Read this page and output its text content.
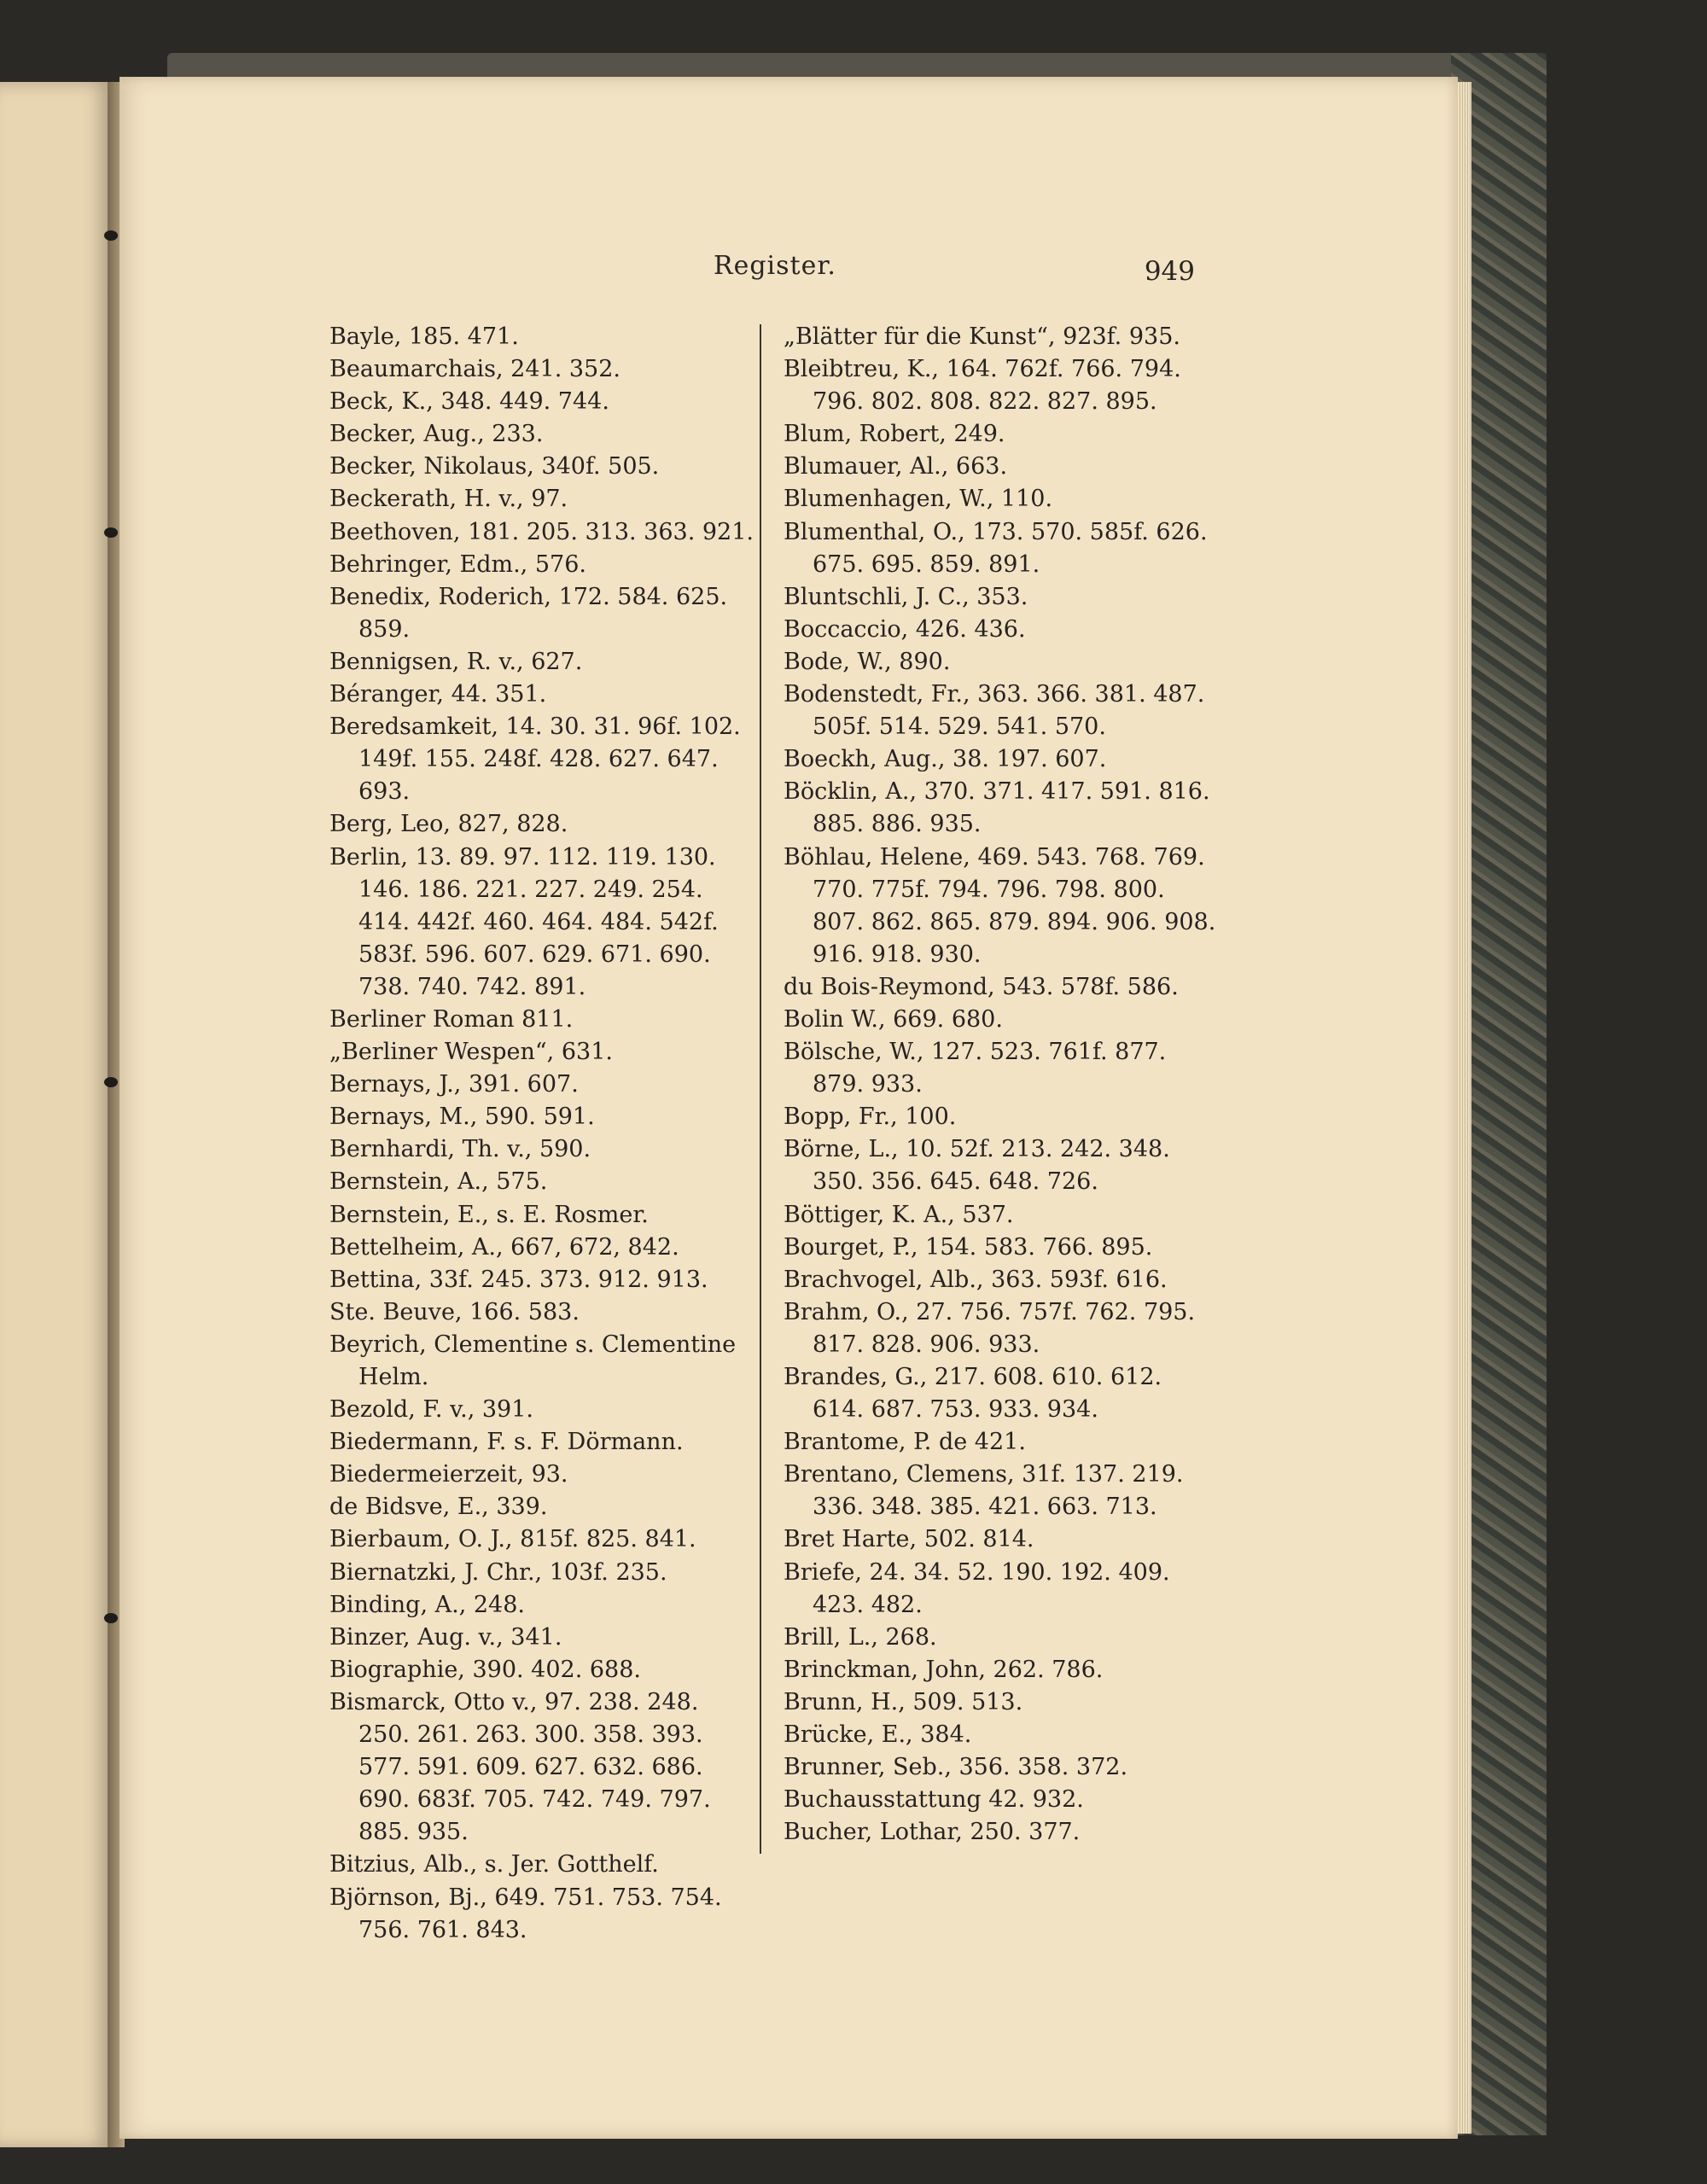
Register.	949
Bayle, 185. 471.
Beaumarchais, 241. 352.
Beck, K., 348. 449. 744.
Becker, Aug., 233.
Becker, Nikolaus, 340f. 505.
Beckerath, H. v., 97.
Beethoven, 181. 205. 313. 363. 921.
Behringer, Edm., 576.
Benedix, Roderich, 172. 584. 625. 859.
Bennigsen, R. v., 627.
Béranger, 44. 351.
Beredsamkeit, 14. 30. 31. 96f. 102. 149f. 155. 248f. 428. 627. 647. 693.
Berg, Leo, 827, 828.
Berlin, 13. 89. 97. 112. 119. 130. 146. 186. 221. 227. 249. 254. 414. 442f. 460. 464. 484. 542f. 583f. 596. 607. 629. 671. 690. 738. 740. 742. 891.
Berliner Roman 811.
„Berliner Wespen“, 631.
Bernays, J., 391. 607.
Bernays, M., 590. 591.
Bernhardi, Th. v., 590.
Bernstein, A., 575.
Bernstein, E., s. E. Rosmer.
Bettelheim, A., 667, 672, 842.
Bettina, 33f. 245. 373. 912. 913.
Ste. Beuve, 166. 583.
Beyrich, Clementine s. Clementine Helm.
Bezold, F. v., 391.
Biedermann, F. s. F. Dörmann.
Biedermeierzeit, 93.
de Bidsve, E., 339.
Bierbaum, O. J., 815f. 825. 841.
Biernatzki, J. Chr., 103f. 235.
Binding, A., 248.
Binzer, Aug. v., 341.
Biographie, 390. 402. 688.
Bismarck, Otto v., 97. 238. 248. 250. 261. 263. 300. 358. 393. 577. 591. 609. 627. 632. 686. 690. 683f. 705. 742. 749. 797. 885. 935.
Bitzius, Alb., s. Jer. Gotthelf.
Björnson, Bj., 649. 751. 753. 754. 756. 761. 843.
„Blätter für die Kunst“, 923f. 935.
Bleibtreu, K., 164. 762f. 766. 794. 796. 802. 808. 822. 827. 895.
Blum, Robert, 249.
Blumauer, Al., 663.
Blumenhagen, W., 110.
Blumenthal, O., 173. 570. 585f. 626. 675. 695. 859. 891.
Bluntschli, J. C., 353.
Boccaccio, 426. 436.
Bode, W., 890.
Bodenstedt, Fr., 363. 366. 381. 487. 505f. 514. 529. 541. 570.
Boeckh, Aug., 38. 197. 607.
Böcklin, A., 370. 371. 417. 591. 816. 885. 886. 935.
Böhlau, Helene, 469. 543. 768. 769. 770. 775f. 794. 796. 798. 800. 807. 862. 865. 879. 894. 906. 908. 916. 918. 930.
du Bois-Reymond, 543. 578f. 586.
Bolin W., 669. 680.
Bölsche, W., 127. 523. 761f. 877. 879. 933.
Bopp, Fr., 100.
Börne, L., 10. 52f. 213. 242. 348. 350. 356. 645. 648. 726.
Böttiger, K. A., 537.
Bourget, P., 154. 583. 766. 895.
Brachvogel, Alb., 363. 593f. 616.
Brahm, O., 27. 756. 757f. 762. 795. 817. 828. 906. 933.
Brandes, G., 217. 608. 610. 612. 614. 687. 753. 933. 934.
Brantome, P. de 421.
Brentano, Clemens, 31f. 137. 219. 336. 348. 385. 421. 663. 713.
Bret Harte, 502. 814.
Briefe, 24. 34. 52. 190. 192. 409. 423. 482.
Brill, L., 268.
Brinckman, John, 262. 786.
Brunn, H., 509. 513.
Brücke, E., 384.
Brunner, Seb., 356. 358. 372.
Buchausstattung 42. 932.
Bucher, Lothar, 250. 377.
